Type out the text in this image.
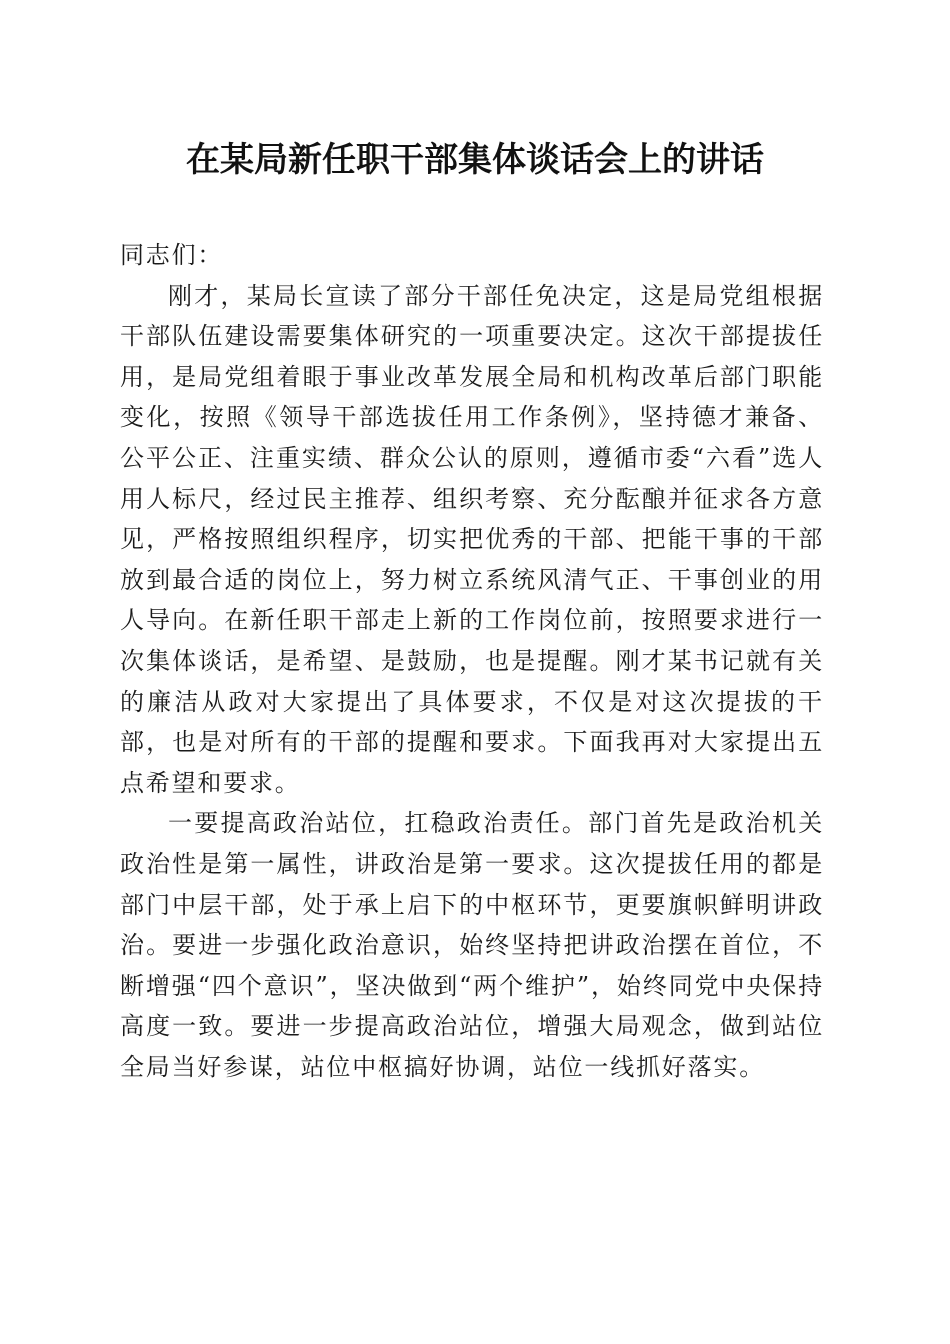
在某局新任职干部集体谈话会上的讲话

同志们：

刚才，某局长宣读了部分干部任免决定，这是局党组根据干部队伍建设需要集体研究的一项重要决定。这次干部提拔任用，是局党组着眼于事业改革发展全局和机构改革后部门职能变化，按照《领导干部选拔任用工作条例》，坚持德才兼备、公平公正、注重实绩、群众公认的原则，遵循市委“六看”选人用人标尺，经过民主推荐、组织考察、充分酝酿并征求各方意见，严格按照组织程序，切实把优秀的干部、把能干事的干部放到最合适的岗位上，努力树立系统风清气正、干事创业的用人导向。在新任职干部走上新的工作岗位前，按照要求进行一次集体谈话，是希望、是鼓励，也是提醒。刚才某书记就有关的廉洁从政对大家提出了具体要求，不仅是对这次提拔的干部，也是对所有的干部的提醒和要求。下面我再对大家提出五点希望和要求。

一要提高政治站位，扛稳政治责任。部门首先是政治机关政治性是第一属性，讲政治是第一要求。这次提拔任用的都是部门中层干部，处于承上启下的中枢环节，更要旗帜鲜明讲政治。要进一步强化政治意识，始终坚持把讲政治摆在首位，不断增强“四个意识”，坚决做到“两个维护”，始终同党中央保持高度一致。要进一步提高政治站位，增强大局观念，做到站位全局当好参谋，站位中枢搞好协调，站位一线抓好落实。
